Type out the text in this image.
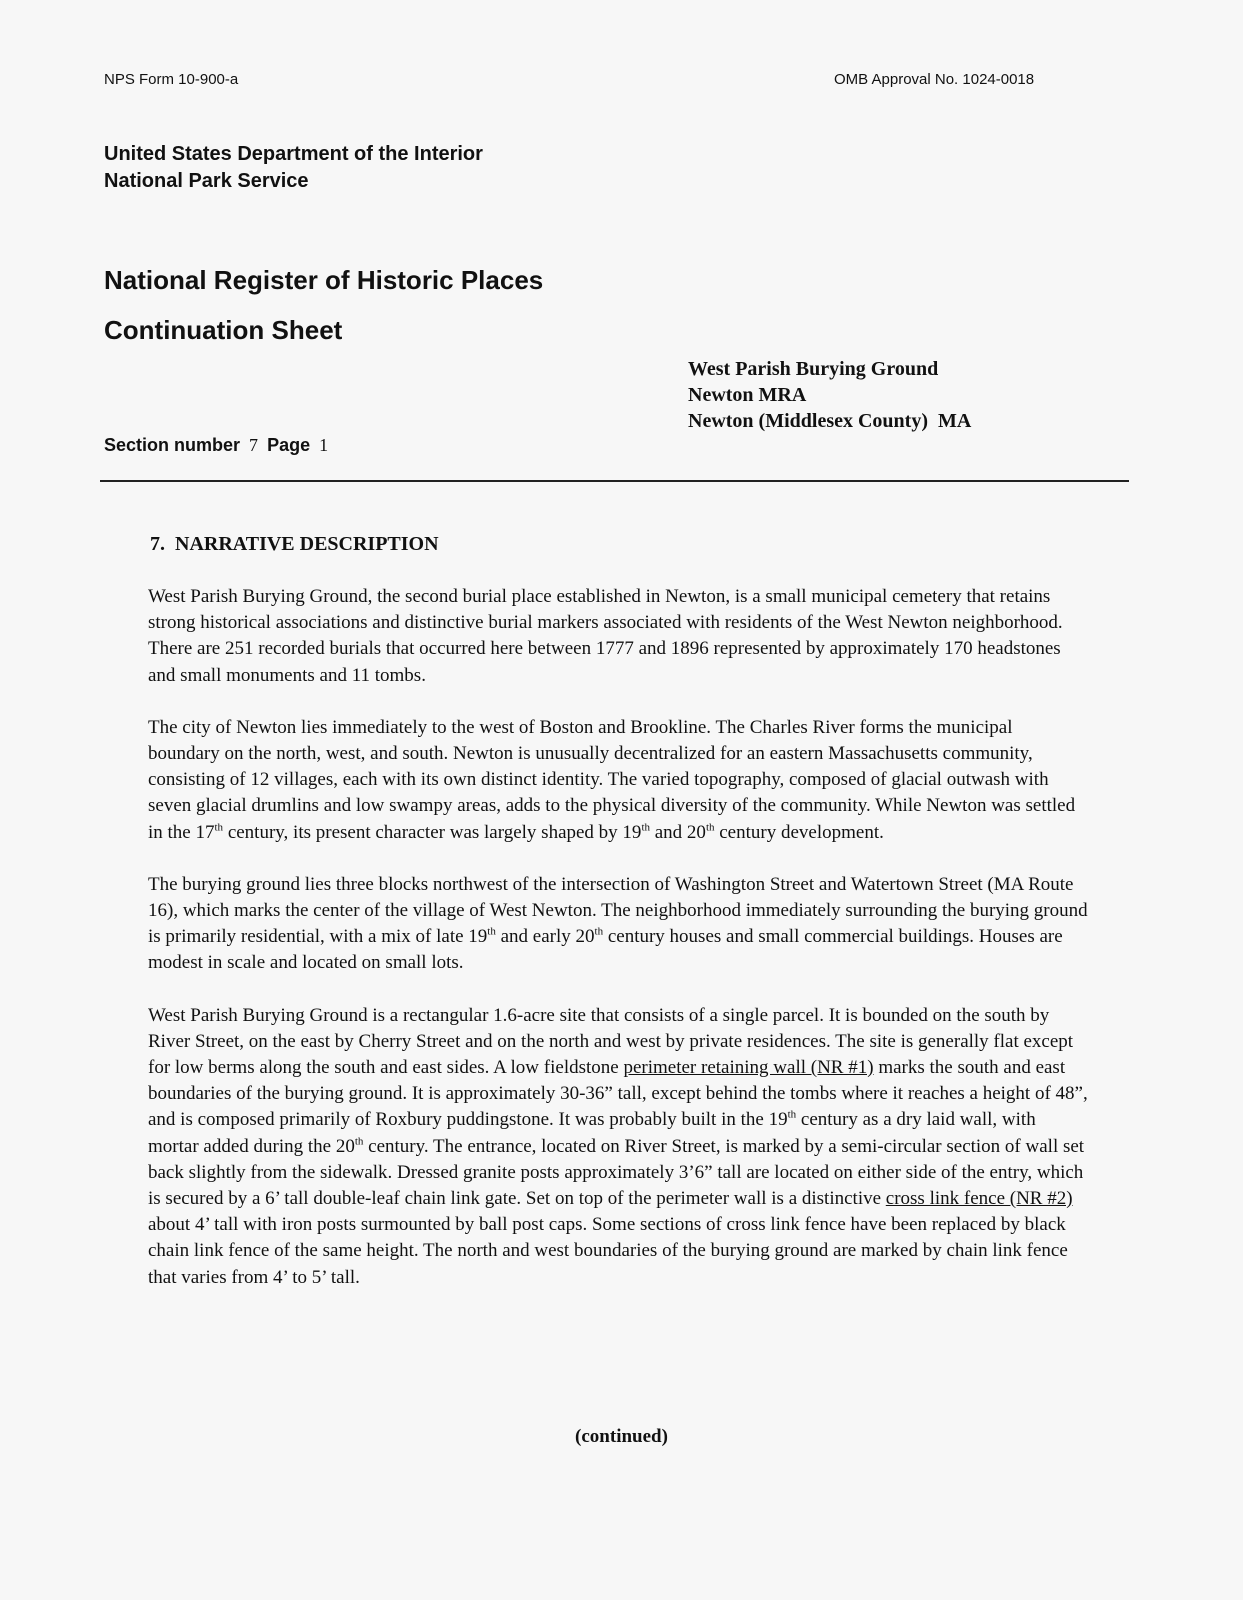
NPS Form 10-900-a	OMB Approval No. 1024-0018
United States Department of the Interior
National Park Service
National Register of Historic Places
Continuation Sheet
West Parish Burying Ground
Newton MRA
Newton (Middlesex County)  MA
Section number 7 Page 1
7.  NARRATIVE DESCRIPTION

West Parish Burying Ground, the second burial place established in Newton, is a small municipal cemetery that retains strong historical associations and distinctive burial markers associated with residents of the West Newton neighborhood. There are 251 recorded burials that occurred here between 1777 and 1896 represented by approximately 170 headstones and small monuments and 11 tombs.

The city of Newton lies immediately to the west of Boston and Brookline. The Charles River forms the municipal boundary on the north, west, and south. Newton is unusually decentralized for an eastern Massachusetts community, consisting of 12 villages, each with its own distinct identity. The varied topography, composed of glacial outwash with seven glacial drumlins and low swampy areas, adds to the physical diversity of the community. While Newton was settled in the 17th century, its present character was largely shaped by 19th and 20th century development.

The burying ground lies three blocks northwest of the intersection of Washington Street and Watertown Street (MA Route 16), which marks the center of the village of West Newton. The neighborhood immediately surrounding the burying ground is primarily residential, with a mix of late 19th and early 20th century houses and small commercial buildings. Houses are modest in scale and located on small lots.

West Parish Burying Ground is a rectangular 1.6-acre site that consists of a single parcel. It is bounded on the south by River Street, on the east by Cherry Street and on the north and west by private residences. The site is generally flat except for low berms along the south and east sides. A low fieldstone perimeter retaining wall (NR #1) marks the south and east boundaries of the burying ground. It is approximately 30-36” tall, except behind the tombs where it reaches a height of 48”, and is composed primarily of Roxbury puddingstone. It was probably built in the 19th century as a dry laid wall, with mortar added during the 20th century. The entrance, located on River Street, is marked by a semi-circular section of wall set back slightly from the sidewalk. Dressed granite posts approximately 3’6” tall are located on either side of the entry, which is secured by a 6’ tall double-leaf chain link gate. Set on top of the perimeter wall is a distinctive cross link fence (NR #2) about 4’ tall with iron posts surmounted by ball post caps. Some sections of cross link fence have been replaced by black chain link fence of the same height. The north and west boundaries of the burying ground are marked by chain link fence that varies from 4’ to 5’ tall.

(continued)
